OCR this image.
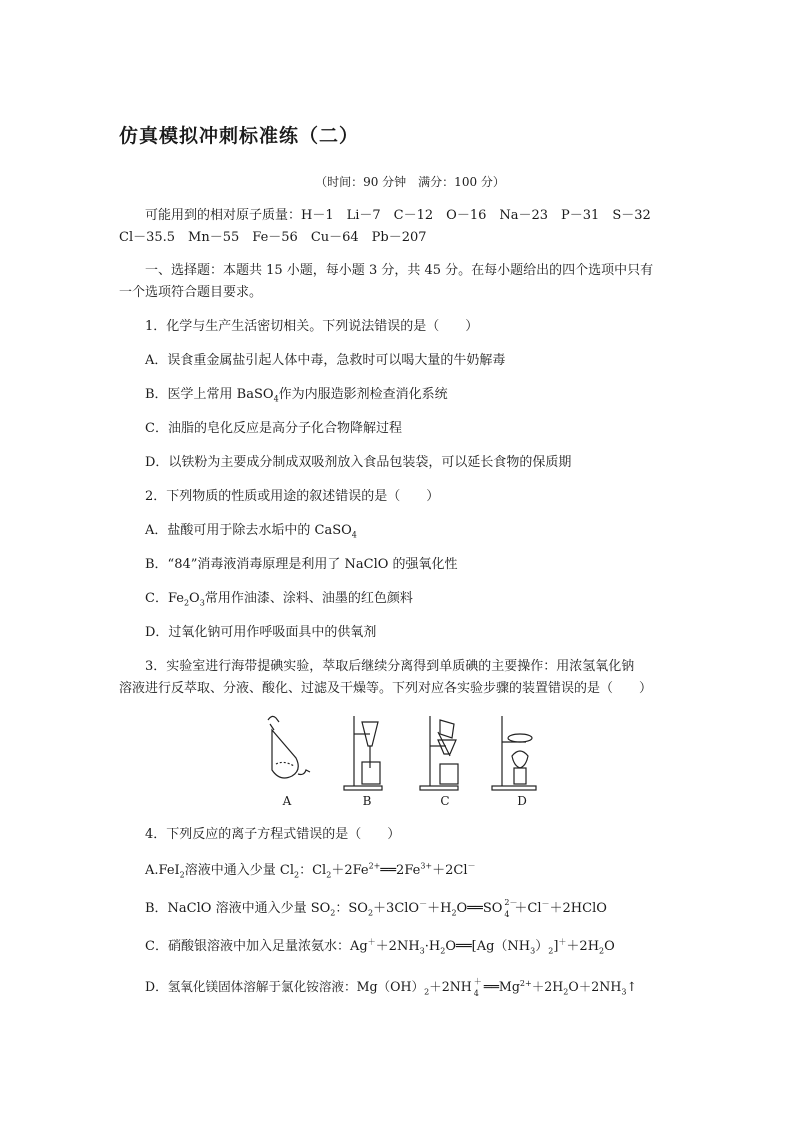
仿真模拟冲刺标准练（二）
（时间：90 分钟　满分：100 分）
可能用到的相对原子质量：H－1　Li－7　C－12　O－16　Na－23　P－31　S－32
Cl－35.5　Mn－55　Fe－56　Cu－64　Pb－207
一、选择题：本题共 15 小题，每小题 3 分，共 45 分。在每小题给出的四个选项中只有
一个选项符合题目要求。
1．化学与生产生活密切相关。下列说法错误的是（　　）
A．误食重金属盐引起人体中毒，急救时可以喝大量的牛奶解毒
B．医学上常用 BaSO$_4$作为内服造影剂检查消化系统
C．油脂的皂化反应是高分子化合物降解过程
D．以铁粉为主要成分制成双吸剂放入食品包装袋，可以延长食物的保质期
2．下列物质的性质或用途的叙述错误的是（　　）
A．盐酸可用于除去水垢中的 CaSO$_4$
B．“84”消毒液消毒原理是利用了 NaClO 的强氧化性
C．$Fe_2O_3$常用作油漆、涂料、油墨的红色颜料
D．过氧化钠可用作呼吸面具中的供氧剂
3．实验室进行海带提碘实验，萃取后继续分离得到单质碘的主要操作：用浓氢氧化钠
溶液进行反萃取、分液、酸化、过滤及干燥等。下列对应各实验步骤的装置错误的是（　　）
A	B	C	D
4．下列反应的离子方程式错误的是（　　）
A.FeI$_2$溶液中通入少量 $Cl_2$：$Cl_2+2Fe^{2+}══2Fe^{3+}+2Cl^-$
B．NaClO 溶液中通入少量 $SO_2$：$SO_2+3ClO^-+H_2O══SO$ 2－
4 ＋Cl－＋2HClO
C．硝酸银溶液中加入足量浓氨水：$Ag^++2NH_3\cdot H_2O══[Ag(NH_3)_2]^++2H_2O$
D．氢氧化镁固体溶解于氯化铵溶液：$Mg(OH)_2+2NH$ ＋
4 $══Mg^{2+}+2H_2O+2NH_3↑$
